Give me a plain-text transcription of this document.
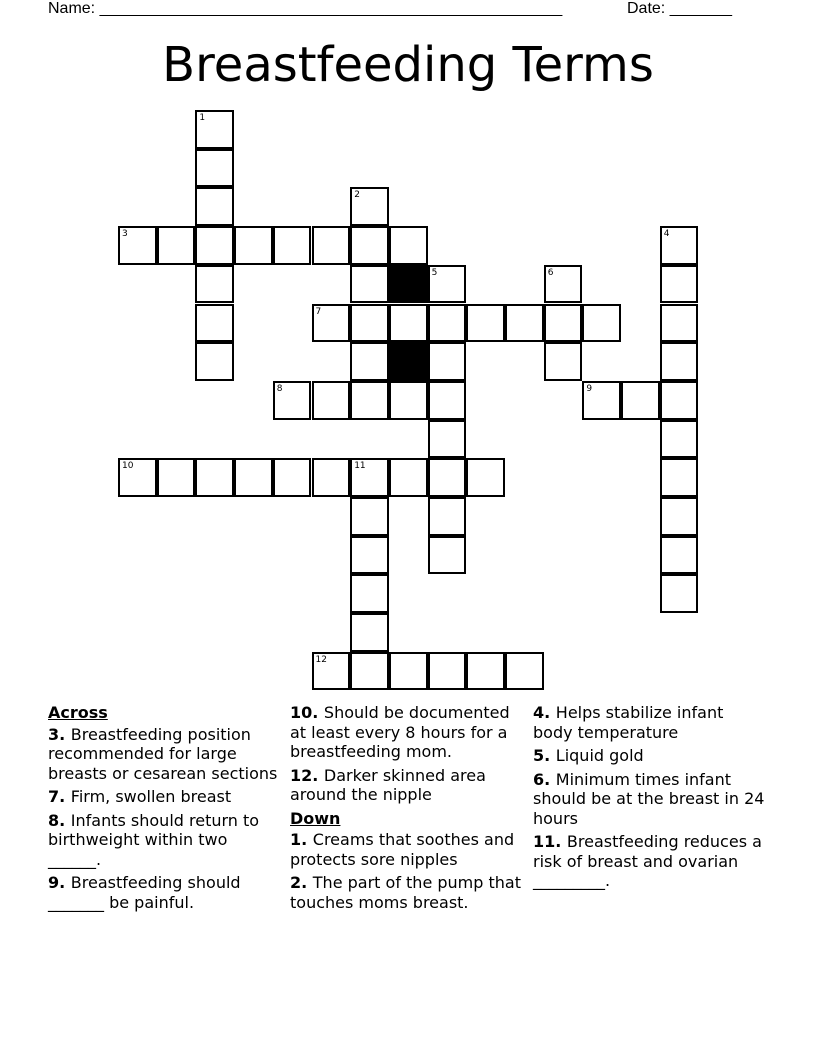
Name: ____________________________________________________	Date: _______
Breastfeeding Terms
1
2
3	4
5	6
7
8	9
10	11
12
Across
3. Breastfeeding position recommended for large breasts or cesarean sections
7. Firm, swollen breast
8. Infants should return to birthweight within two ______.
9. Breastfeeding should _______ be painful.
10. Should be documented at least every 8 hours for a breastfeeding mom.
12. Darker skinned area around the nipple
Down
1. Creams that soothes and protects sore nipples
2. The part of the pump that touches moms breast.
4. Helps stabilize infant body temperature
5. Liquid gold
6. Minimum times infant should be at the breast in 24 hours
11. Breastfeeding reduces a risk of breast and ovarian _________.
